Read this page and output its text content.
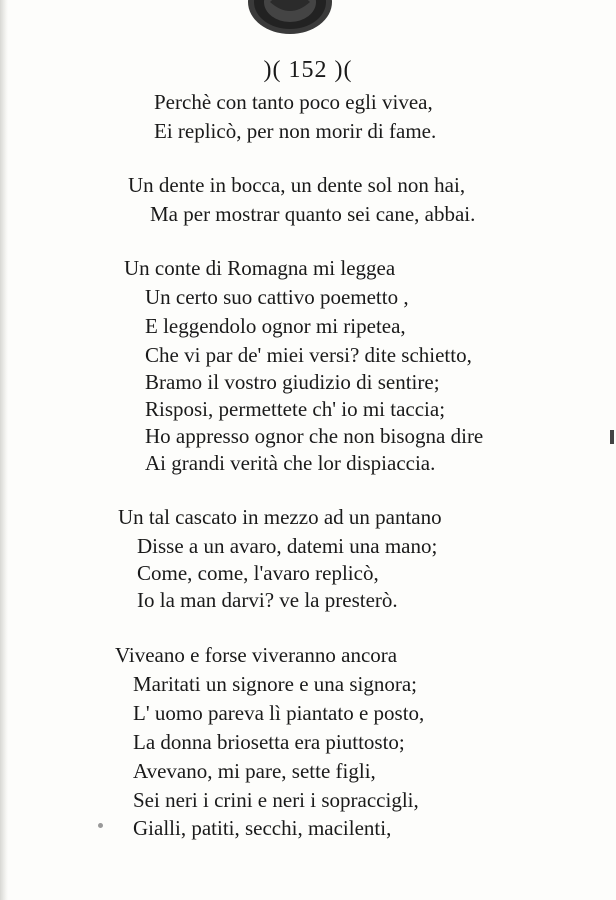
)( 152 )(
Perchè con tanto poco egli vivea,
Ei replicò, per non morir di fame.
Un dente in bocca, un dente sol non hai,
Ma per mostrar quanto sei cane, abbai.
Un conte di Romagna mi leggea
Un certo suo cattivo poemetto ,
E leggendolo ognor mi ripetea,
Che vi par de' miei versi? dite schietto,
Bramo il vostro giudizio di sentire;
Risposi, permettete ch' io mi taccia;
Ho appresso ognor che non bisogna dire
Ai grandi verità che lor dispiaccia.
Un tal cascato in mezzo ad un pantano
Disse a un avaro, datemi una mano;
Come, come, l'avaro replicò,
Io la man darvi? ve la presterò.
Viveano e forse viveranno ancora
Maritati un signore e una signora;
L' uomo pareva lì piantato e posto,
La donna briosetta era piuttosto;
Avevano, mi pare, sette figli,
Sei neri i crini e neri i sopraccigli,
Gialli, patiti, secchi, macilenti,
